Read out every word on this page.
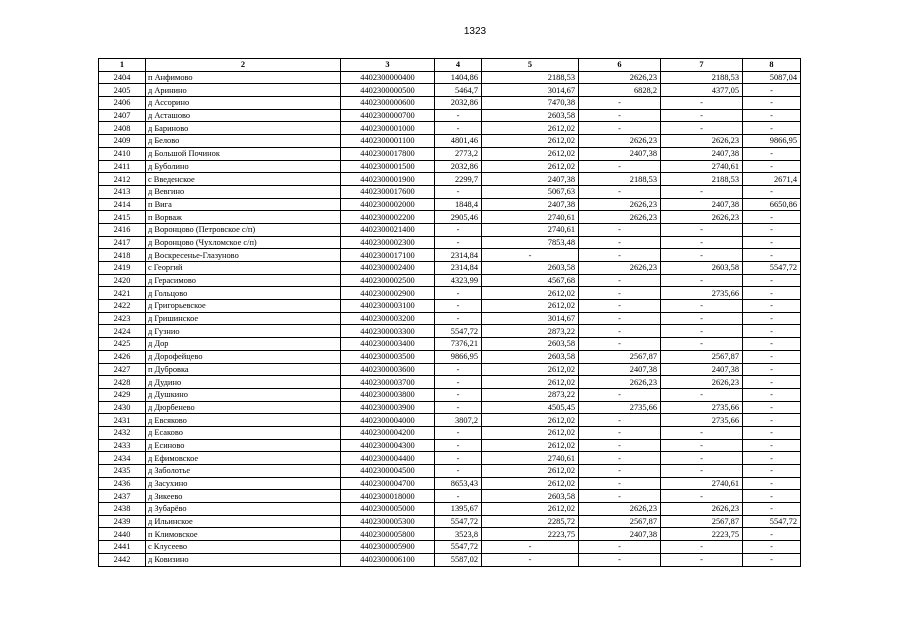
1323
1	2	3	4	5	6	7	8
2404	п Анфимово	4402300000400	1404,86	2188,53	2626,23	2188,53	5087,04
2405	д Аринино	4402300000500	5464,7	3014,67	6828,2	4377,05	-
2406	д Ассорино	4402300000600	2032,86	7470,38	-	-	-
2407	д Асташово	4402300000700	-	2603,58	-	-	-
2408	д Бариново	4402300001000	-	2612,02	-	-	-
2409	д Белово	4402300001100	4801,46	2612,02	2626,23	2626,23	9866,95
2410	д Большой Починок	4402300017800	2773,2	2612,02	2407,38	2407,38	-
2411	д Буболино	4402300001500	2032,86	2612,02	-	2740,61	-
2412	с Введенское	4402300001900	2299,7	2407,38	2188,53	2188,53	2671,4
2413	д Вевгино	4402300017600	-	5067,63	-	-	-
2414	п Вига	4402300002000	1848,4	2407,38	2626,23	2407,38	6650,86
2415	п Ворваж	4402300002200	2905,46	2740,61	2626,23	2626,23	-
2416	д Воронцово (Петровское с/п)	4402300021400	-	2740,61	-	-	-
2417	д Воронцово (Чухломское с/п)	4402300002300	-	7853,48	-	-	-
2418	д Воскресенье-Глазуново	4402300017100	2314,84	-	-	-	-
2419	с Георгий	4402300002400	2314,84	2603,58	2626,23	2603,58	5547,72
2420	д Герасимово	4402300002500	4323,99	4567,68	-	-	-
2421	д Гольцово	4402300002900	-	2612,02	-	2735,66	-
2422	д Григорьевское	4402300003100	-	2612,02	-	-	-
2423	д Гришинское	4402300003200	-	3014,67	-	-	-
2424	д Гузнио	4402300003300	5547,72	2873,22	-	-	-
2425	д Дор	4402300003400	7376,21	2603,58	-	-	-
2426	д Дорофейцево	4402300003500	9866,95	2603,58	2567,87	2567,87	-
2427	п Дубровка	4402300003600	-	2612,02	2407,38	2407,38	-
2428	д Дудино	4402300003700	-	2612,02	2626,23	2626,23	-
2429	д Душкино	4402300003800	-	2873,22	-	-	-
2430	д Дюрбенево	4402300003900	-	4505,45	2735,66	2735,66	-
2431	д Евсяково	4402300004000	3807,2	2612,02	-	2735,66	-
2432	д Есаково	4402300004200	-	2612,02	-	-	-
2433	д Есиново	4402300004300	-	2612,02	-	-	-
2434	д Ефимовское	4402300004400	-	2740,61	-	-	-
2435	д Заболотье	4402300004500	-	2612,02	-	-	-
2436	д Засухино	4402300004700	8653,43	2612,02	-	2740,61	-
2437	д Зикеево	4402300018000	-	2603,58	-	-	-
2438	д Зубарёво	4402300005000	1395,67	2612,02	2626,23	2626,23	-
2439	д Ильинское	4402300005300	5547,72	2285,72	2567,87	2567,87	5547,72
2440	п Климовское	4402300005800	3523,8	2223,75	2407,38	2223,75	-
2441	с Клусеево	4402300005900	5547,72	-	-	-	-
2442	д Ковизино	4402300006100	5587,02	-	-	-	-
